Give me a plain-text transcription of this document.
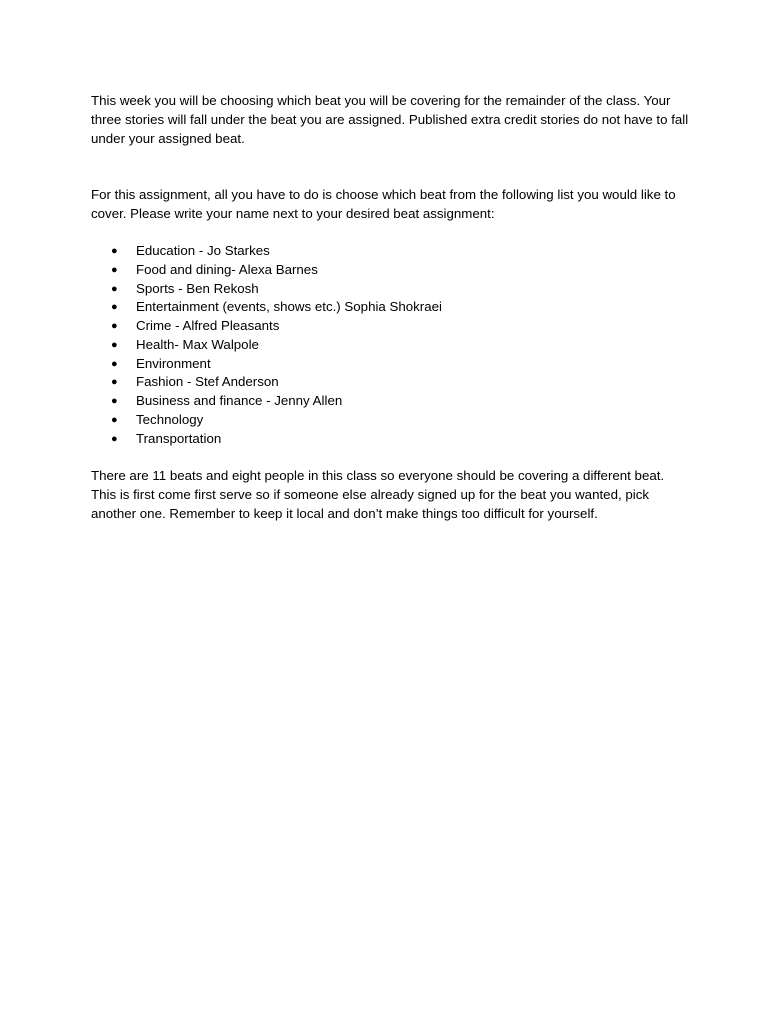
This week you will be choosing which beat you will be covering for the remainder of the class. Your three stories will fall under the beat you are assigned. Published extra credit stories do not have to fall under your assigned beat.

For this assignment, all you have to do is choose which beat from the following list you would like to cover. Please write your name next to your desired beat assignment:

● Education - Jo Starkes
● Food and dining- Alexa Barnes
● Sports - Ben Rekosh
● Entertainment (events, shows etc.) Sophia Shokraei
● Crime - Alfred Pleasants
● Health- Max Walpole
● Environment
● Fashion - Stef Anderson
● Business and finance - Jenny Allen
● Technology
● Transportation

There are 11 beats and eight people in this class so everyone should be covering a different beat. This is first come first serve so if someone else already signed up for the beat you wanted, pick another one. Remember to keep it local and don’t make things too difficult for yourself.
